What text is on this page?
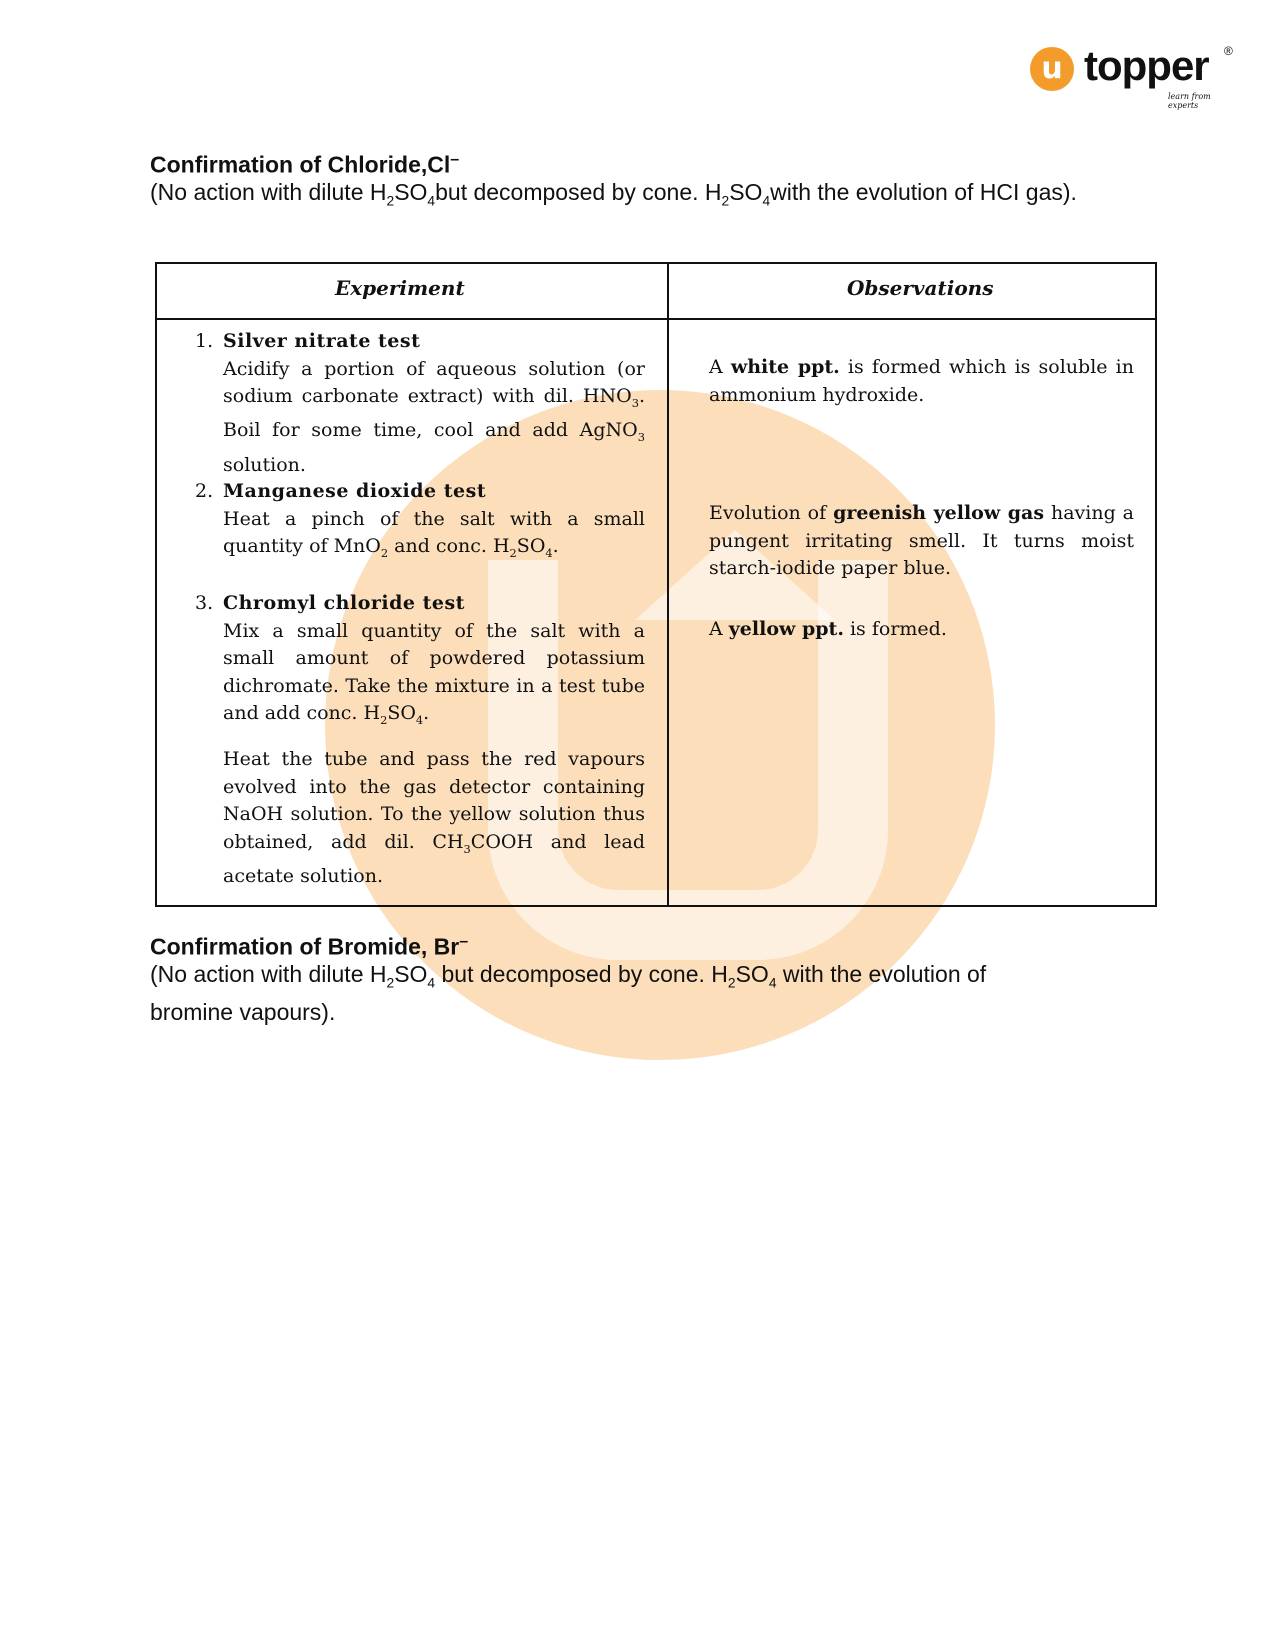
u topper ®
learn from experts
Confirmation of Chloride,Cl–
(No action with dilute $H_2SO_4but$ decomposed by cone. $H_2SO_4with$ the evolution of HCI gas).
Experiment	Observations
1. Silver nitrate test
Acidify a portion of aqueous solution (or sodium carbonate extract) with dil. $HNO_3$. Boil for some time, cool and add AgNO$_3$ solution.
A white ppt. is formed which is soluble in ammonium hydroxide.
2. Manganese dioxide test
Heat a pinch of the salt with a small quantity of MnO$_2$ and conc. $H_2SO_4$.
Evolution of greenish yellow gas having a pungent irritating smell. It turns moist starch-iodide paper blue.
3. Chromyl chloride test
Mix a small quantity of the salt with a small amount of powdered potassium dichromate. Take the mixture in a test tube and add conc. $H_2SO_4$.
Heat the tube and pass the red vapours evolved into the gas detector containing NaOH solution. To the yellow solution thus obtained, add dil. $CH_3COOH$ and lead acetate solution.
A yellow ppt. is formed.
Confirmation of Bromide, Br–
(No action with dilute $H_2SO_4$ but decomposed by cone. $H_2SO_4$ with the evolution of bromine vapours).
